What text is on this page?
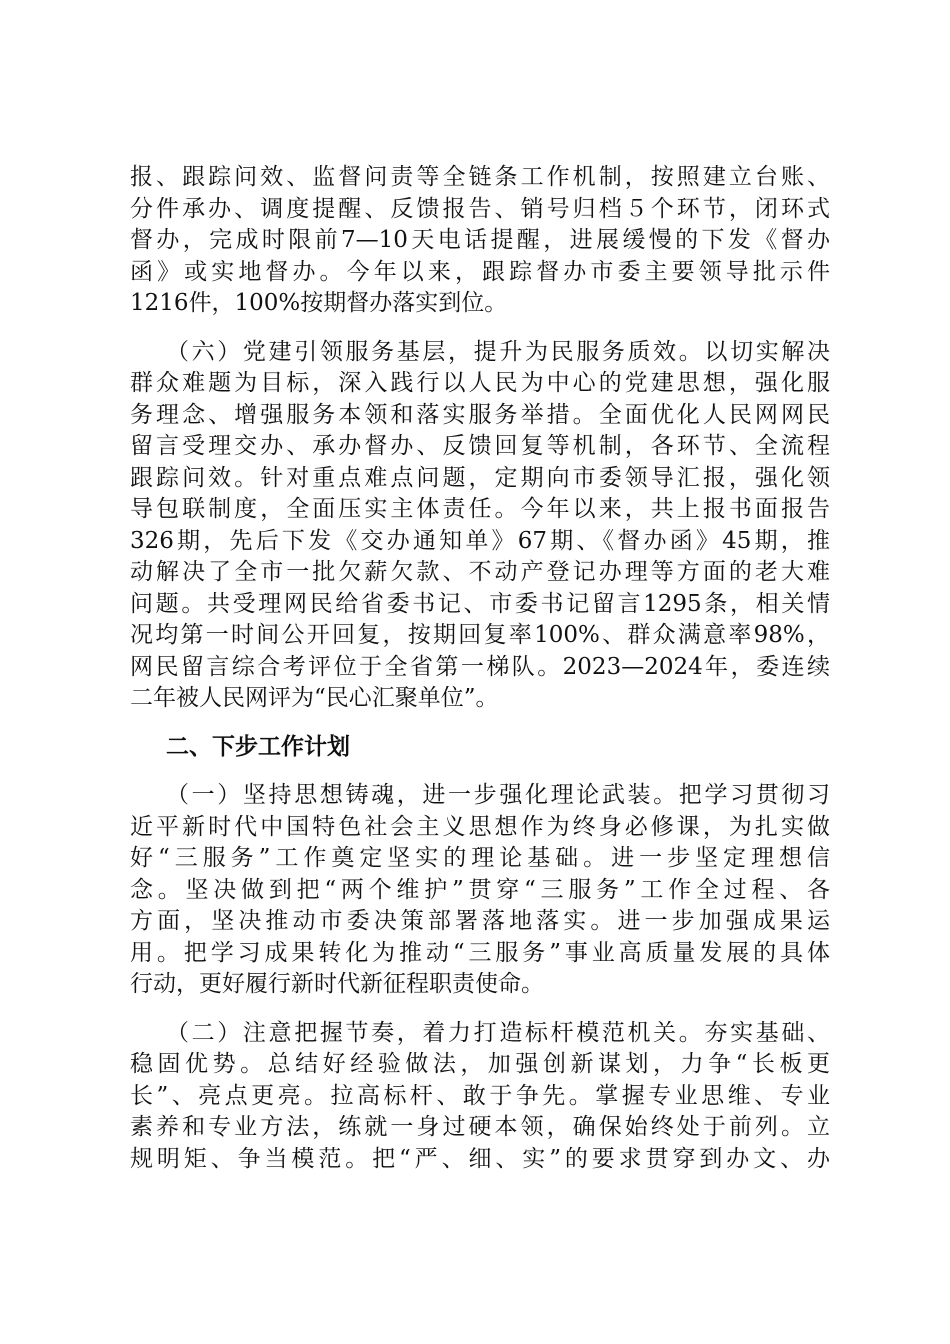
报、跟踪问效、监督问责等全链条工作机制，按照建立台账、
分件承办、调度提醒、反馈报告、销号归档５个环节，闭环式
督办，完成时限前7—10天电话提醒，进展缓慢的下发《督办
函》或实地督办。今年以来，跟踪督办市委主要领导批示件
1216件，100%按期督办落实到位。
（六）党建引领服务基层，提升为民服务质效。以切实解决
群众难题为目标，深入践行以人民为中心的党建思想，强化服
务理念、增强服务本领和落实服务举措。全面优化人民网网民
留言受理交办、承办督办、反馈回复等机制，各环节、全流程
跟踪问效。针对重点难点问题，定期向市委领导汇报，强化领
导包联制度，全面压实主体责任。今年以来，共上报书面报告
326期，先后下发《交办通知单》67期、《督办函》45期，推
动解决了全市一批欠薪欠款、不动产登记办理等方面的老大难
问题。共受理网民给省委书记、市委书记留言1295条，相关情
况均第一时间公开回复，按期回复率100%、群众满意率98%，
网民留言综合考评位于全省第一梯队。2023—2024年，委连续
二年被人民网评为“民心汇聚单位”。
二、下步工作计划
（一）坚持思想铸魂，进一步强化理论武装。把学习贯彻习
近平新时代中国特色社会主义思想作为终身必修课，为扎实做
好“三服务”工作奠定坚实的理论基础。进一步坚定理想信
念。坚决做到把“两个维护”贯穿“三服务”工作全过程、各
方面，坚决推动市委决策部署落地落实。进一步加强成果运
用。把学习成果转化为推动“三服务”事业高质量发展的具体
行动，更好履行新时代新征程职责使命。
（二）注意把握节奏，着力打造标杆模范机关。夯实基础、
稳固优势。总结好经验做法，加强创新谋划，力争“长板更
长”、亮点更亮。拉高标杆、敢于争先。掌握专业思维、专业
素养和专业方法，练就一身过硬本领，确保始终处于前列。立
规明矩、争当模范。把“严、细、实”的要求贯穿到办文、办
